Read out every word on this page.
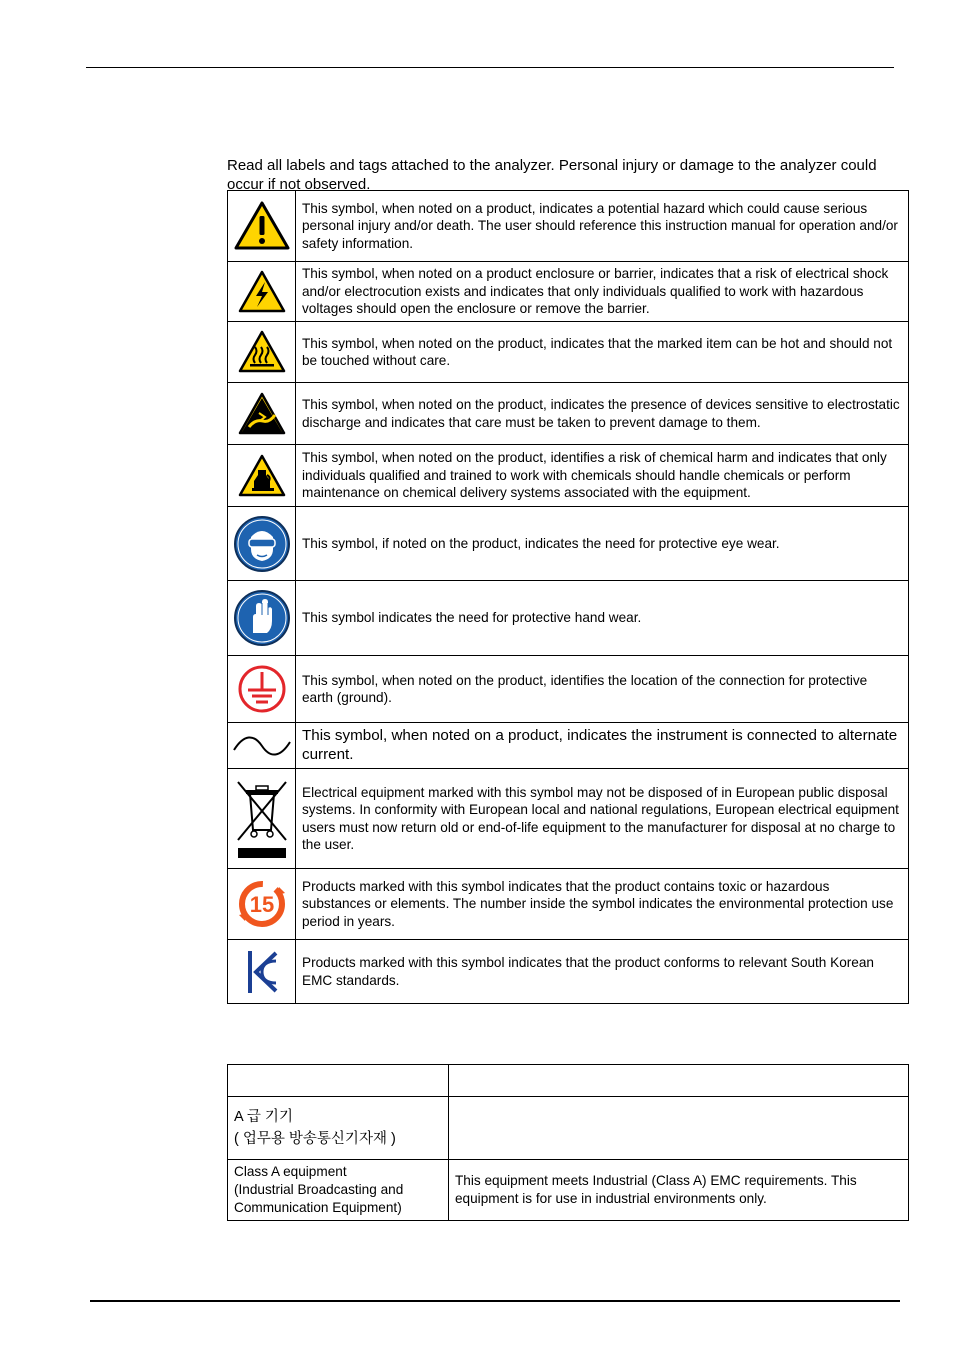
Read all labels and tags attached to the analyzer. Personal injury or damage to the analyzer could occur if not observed.

	This symbol, when noted on a product, indicates a potential hazard which could cause serious personal injury and/or death. The user should reference this instruction manual for operation and/or safety information.

	This symbol, when noted on a product enclosure or barrier, indicates that a risk of electrical shock and/or electrocution exists and indicates that only individuals qualified to work with hazardous voltages should open the enclosure or remove the barrier.

	This symbol, when noted on the product, indicates that the marked item can be hot and should not be touched without care.

	This symbol, when noted on the product, indicates the presence of devices sensitive to electrostatic discharge and indicates that care must be taken to prevent damage to them.

	This symbol, when noted on the product, identifies a risk of chemical harm and indicates that only individuals qualified and trained to work with chemicals should handle chemicals or perform maintenance on chemical delivery systems associated with the equipment.

	This symbol, if noted on the product, indicates the need for protective eye wear.

	This symbol indicates the need for protective hand wear.

	This symbol, when noted on the product, identifies the location of the connection for protective earth (ground).

	This symbol, when noted on a product, indicates the instrument is connected to alternate current.

	Electrical equipment marked with this symbol may not be disposed of in European public disposal systems. In conformity with European local and national regulations, European electrical equipment users must now return old or end-of-life equipment to the manufacturer for disposal at no charge to the user.

15	Products marked with this symbol indicates that the product contains toxic or hazardous substances or elements. The number inside the symbol indicates the environmental protection use period in years.

	Products marked with this symbol indicates that the product conforms to relevant South Korean EMC standards.

A 급 기기
( 업무용 방송통신기자재 )	

Class A equipment
(Industrial Broadcasting and
Communication Equipment)	This equipment meets Industrial (Class A) EMC requirements. This equipment is for use in industrial environments only.
